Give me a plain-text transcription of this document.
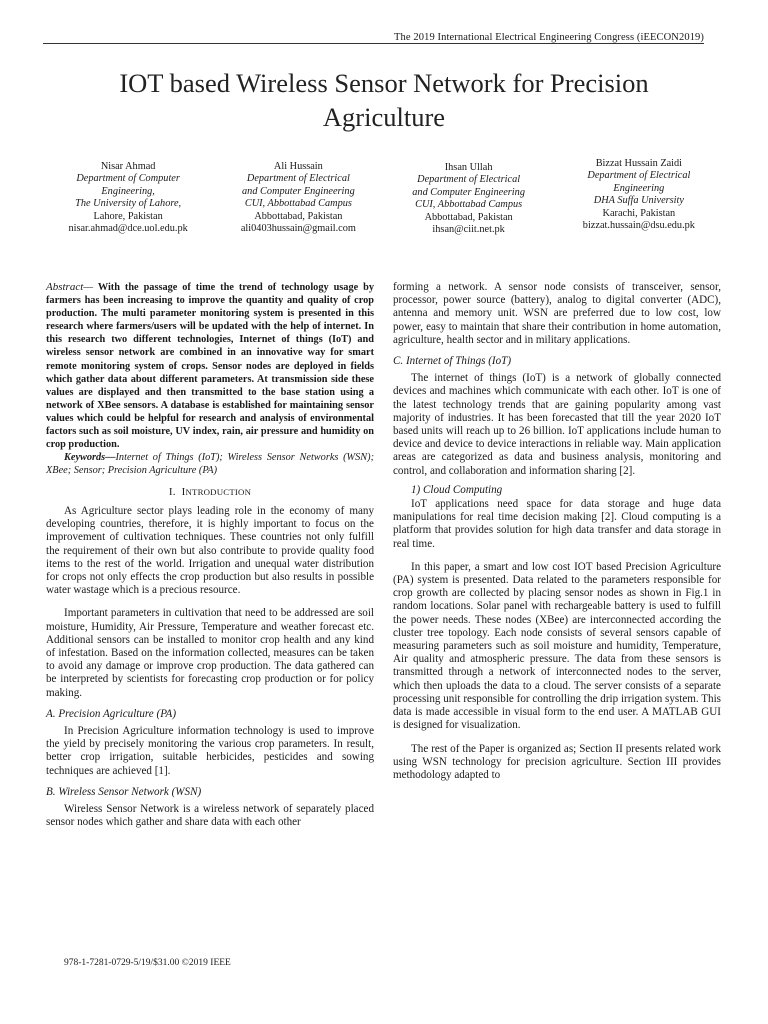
The 2019 International Electrical Engineering Congress (iEECON2019)
IOT based Wireless Sensor Network for Precision
Agriculture
Nisar Ahmad
Department of Computer
Engineering,
The University of Lahore,
Lahore, Pakistan
nisar.ahmad@dce.uol.edu.pk
Ali Hussain
Department of Electrical
and Computer Engineering
CUI, Abbottabad Campus
Abbottabad, Pakistan
ali0403hussain@gmail.com
Ihsan Ullah
Department of Electrical
and Computer Engineering
CUI, Abbottabad Campus
Abbottabad, Pakistan
ihsan@ciit.net.pk
Bizzat Hussain Zaidi
Department of Electrical
Engineering
DHA Suffa University
Karachi, Pakistan
bizzat.hussain@dsu.edu.pk

Abstract— With the passage of time the trend of technology usage by farmers has been increasing to improve the quantity and quality of crop production. The multi parameter monitoring system is presented in this research where farmers/users will be updated with the help of internet. In this research two different technologies, Internet of things (IoT) and wireless sensor network are combined in an innovative way for smart remote monitoring system of crops. Sensor nodes are deployed in fields which gather data about different parameters. At transmission side these values are displayed and then transmitted to the base station using a network of XBee sensors. A database is established for maintaining sensor values which could be helpful for research and analysis of environmental factors such as soil moisture, UV index, rain, air pressure and humidity on crop production.

Keywords—Internet of Things (IoT); Wireless Sensor Networks (WSN); XBee; Sensor; Precision Agriculture (PA)

I. INTRODUCTION

As Agriculture sector plays leading role in the economy of many developing countries, therefore, it is highly important to focus on the improvement of cultivation techniques. These countries not only fulfill the requirement of their own but also contribute to provide quality food items to the rest of the world. Irrigation and unequal water distribution for crops not only effects the crop production but also results in possible water wastage which is a precious resource.

Important parameters in cultivation that need to be addressed are soil moisture, Humidity, Air Pressure, Temperature and weather forecast etc. Additional sensors can be installed to monitor crop health and any kind of infestation. Based on the information collected, measures can be taken to avoid any damage or improve crop production. The data gathered can be interpreted by scientists for forecasting crop production or for policy making.

A. Precision Agriculture (PA)

In Precision Agriculture information technology is used to improve the yield by precisely monitoring the various crop parameters. In result, better crop irrigation, suitable herbicides, pesticides and sowing techniques are achieved [1].

B. Wireless Sensor Network (WSN)

Wireless Sensor Network is a wireless network of separately placed sensor nodes which gather and share data with each other

forming a network. A sensor node consists of transceiver, sensor, processor, power source (battery), analog to digital converter (ADC), antenna and memory unit. WSN are preferred due to low cost, low power, easy to maintain that share their contribution in home automation, agriculture, health sector and in military applications.

C. Internet of Things (IoT)

The internet of things (IoT) is a network of globally connected devices and machines which communicate with each other. IoT is one of the latest technology trends that are gaining popularity among vast majority of industries. It has been forecasted that till the year 2020 IoT based units will reach up to 26 billion. IoT applications include human to device and device to device interactions in reliable way. Main application areas are categorized as data and business analysis, monitoring and control, and collaboration and information sharing [2].

1) Cloud Computing

IoT applications need space for data storage and huge data manipulations for real time decision making [2]. Cloud computing is a platform that provides solution for high data transfer and data storage in real time.

In this paper, a smart and low cost IOT based Precision Agriculture (PA) system is presented. Data related to the parameters responsible for crop growth are collected by placing sensor nodes as shown in Fig.1 in random locations. Solar panel with rechargeable battery is used to fulfill the power needs. These nodes (XBee) are interconnected according the cluster tree topology. Each node consists of several sensors capable of measuring parameters such as soil moisture and humidity, Temperature, Air quality and atmospheric pressure. The data from these sensors is transmitted through a network of interconnected nodes to the server, which then uploads the data to a cloud. The server consists of a separate processing unit responsible for controlling the drip irrigation system. This data is made accessible in visual form to the end user. A MATLAB GUI is designed for visualization.

The rest of the Paper is organized as; Section II presents related work using WSN technology for precision agriculture. Section III provides methodology adapted to

978-1-7281-0729-5/19/$31.00 ©2019 IEEE
